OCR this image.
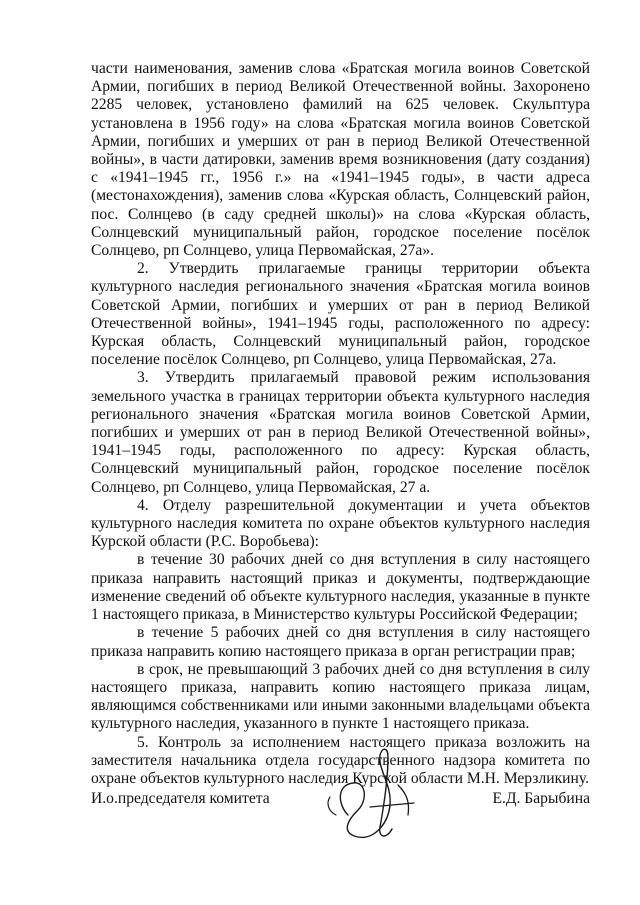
части наименования, заменив слова «Братская могила воинов Советской Армии, погибших в период Великой Отечественной войны. Захоронено 2285 человек, установлено фамилий на 625 человек. Скульптура установлена в 1956 году» на слова «Братская могила воинов Советской Армии, погибших и умерших от ран в период Великой Отечественной войны», в части датировки, заменив время возникновения (дату создания) с «1941–1945 гг., 1956 г.» на «1941–1945 годы», в части адреса (местонахождения), заменив слова «Курская область, Солнцевский район, пос. Солнцево (в саду средней школы)» на слова «Курская область, Солнцевский муниципальный район, городское поселение посёлок Солнцево, рп Солнцево, улица Первомайская, 27а».

2. Утвердить прилагаемые границы территории объекта культурного наследия регионального значения «Братская могила воинов Советской Армии, погибших и умерших от ран в период Великой Отечественной войны», 1941–1945 годы, расположенного по адресу: Курская область, Солнцевский муниципальный район, городское поселение посёлок Солнцево, рп Солнцево, улица Первомайская, 27а.

3. Утвердить прилагаемый правовой режим использования земельного участка в границах территории объекта культурного наследия регионального значения «Братская могила воинов Советской Армии, погибших и умерших от ран в период Великой Отечественной войны», 1941–1945 годы, расположенного по адресу: Курская область, Солнцевский муниципальный район, городское поселение посёлок Солнцево, рп Солнцево, улица Первомайская, 27 а.

4. Отделу разрешительной документации и учета объектов культурного наследия комитета по охране объектов культурного наследия Курской области (Р.С. Воробьева):

в течение 30 рабочих дней со дня вступления в силу настоящего приказа направить настоящий приказ и документы, подтверждающие изменение сведений об объекте культурного наследия, указанные в пункте 1 настоящего приказа, в Министерство культуры Российской Федерации;

в течение 5 рабочих дней со дня вступления в силу настоящего приказа направить копию настоящего приказа в орган регистрации прав;

в срок, не превышающий 3 рабочих дней со дня вступления в силу настоящего приказа, направить копию настоящего приказа лицам, являющимся собственниками или иными законными владельцами объекта культурного наследия, указанного в пункте 1 настоящего приказа.

5. Контроль за исполнением настоящего приказа возложить на заместителя начальника отдела государственного надзора комитета по охране объектов культурного наследия Курской области М.Н. Мерзликину.

И.о.председателя комитета	Е.Д. Барыбина
